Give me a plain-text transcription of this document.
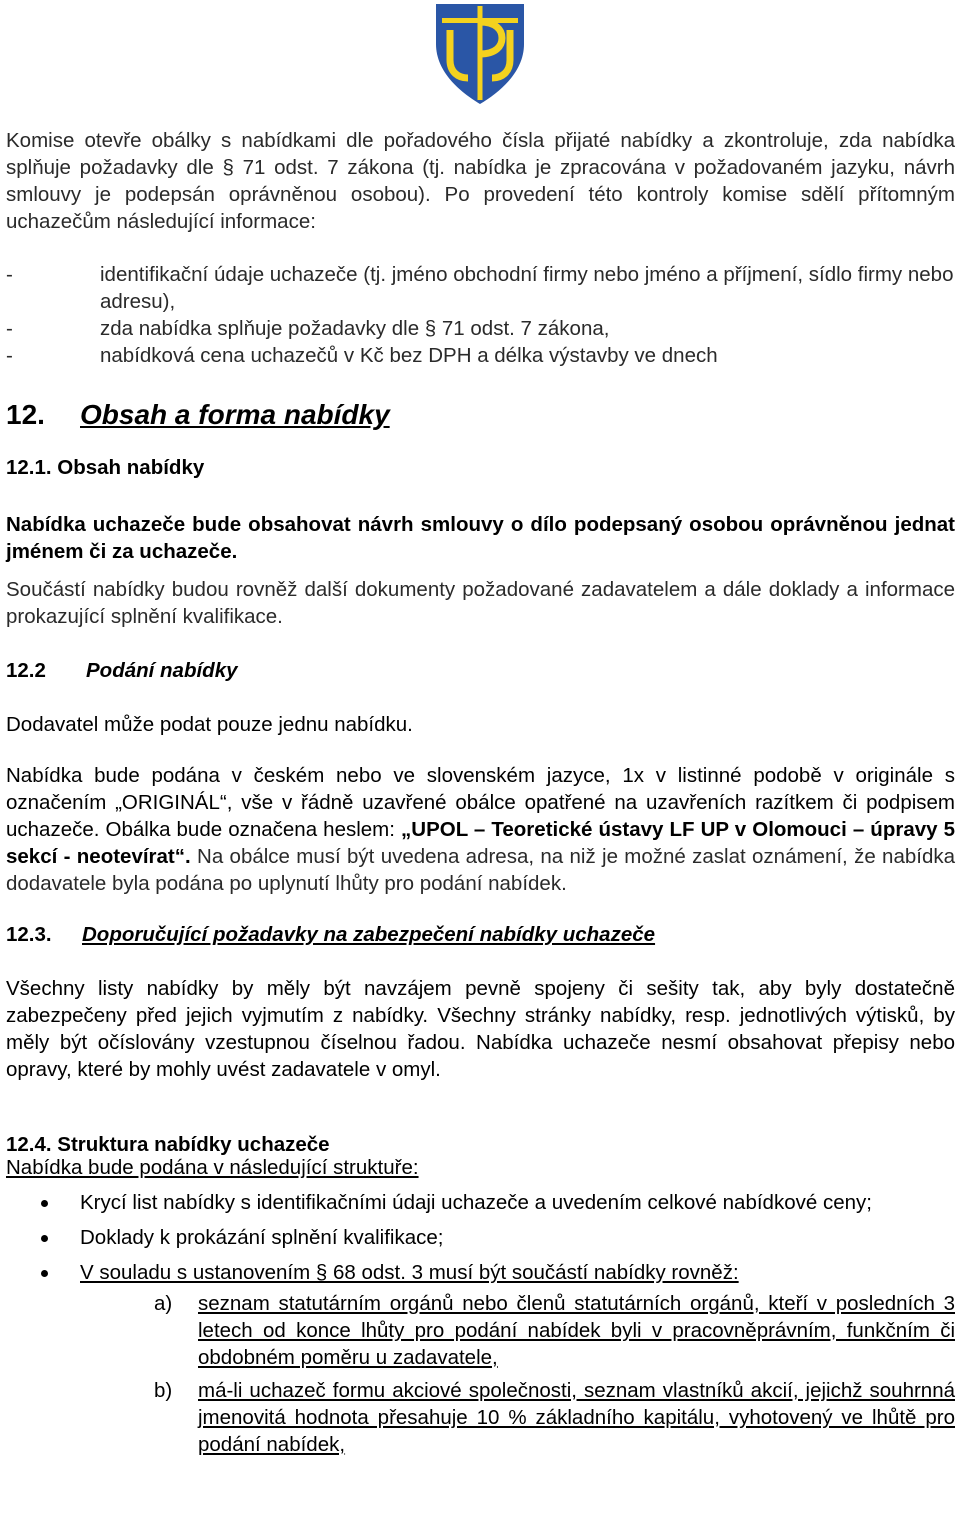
Komise otevře obálky s nabídkami dle pořadového čísla přijaté nabídky a zkontroluje, zda nabídka splňuje požadavky dle § 71 odst. 7 zákona (tj. nabídka je zpracována v požadovaném jazyku, návrh smlouvy je podepsán oprávněnou osobou). Po provedení této kontroly komise sdělí přítomným uchazečům následující informace:

-	identifikační údaje uchazeče (tj. jméno obchodní firmy nebo jméno a příjmení, sídlo firmy nebo adresu),
-	zda nabídka splňuje požadavky dle § 71 odst. 7 zákona,
-	nabídková cena uchazečů v Kč bez DPH a délka výstavby ve dnech
12. Obsah a forma nabídky

12.1. Obsah nabídky

Nabídka uchazeče bude obsahovat návrh smlouvy o dílo podepsaný osobou oprávněnou jednat jménem či za uchazeče.

Součástí nabídky budou rovněž další dokumenty požadované zadavatelem a dále doklady a informace prokazující splnění kvalifikace.

12.2 Podání nabídky

Dodavatel může podat pouze jednu nabídku.

Nabídka bude podána v českém nebo ve slovenském jazyce, 1x v listinné podobě v originále s označením „ORIGINÁL“, vše v řádně uzavřené obálce opatřené na uzavřeních razítkem či podpisem uchazeče. Obálka bude označena heslem: „UPOL – Teoretické ústavy LF UP v Olomouci – úpravy 5 sekcí - neotevírat“. Na obálce musí být uvedena adresa, na niž je možné zaslat oznámení, že nabídka dodavatele byla podána po uplynutí lhůty pro podání nabídek.

12.3. Doporučující požadavky na zabezpečení nabídky uchazeče

Všechny listy nabídky by měly být navzájem pevně spojeny či sešity tak, aby byly dostatečně zabezpečeny před jejich vyjmutím z nabídky. Všechny stránky nabídky, resp. jednotlivých výtisků, by měly být očíslovány vzestupnou číselnou řadou. Nabídka uchazeče nesmí obsahovat přepisy nebo opravy, které by mohly uvést zadavatele v omyl.

12.4. Struktura nabídky uchazeče

Nabídka bude podána v následující struktuře:

Krycí list nabídky s identifikačními údaji uchazeče a uvedením celkové nabídkové ceny;
Doklady k prokázání splnění kvalifikace;
V souladu s ustanovením § 68 odst. 3 musí být součástí nabídky rovněž:
a) seznam statutárním orgánů nebo členů statutárních orgánů, kteří v posledních 3 letech od konce lhůty pro podání nabídek byli v pracovněprávním, funkčním či obdobném poměru u zadavatele,
b) má-li uchazeč formu akciové společnosti, seznam vlastníků akcií, jejichž souhrnná jmenovitá hodnota přesahuje 10 % základního kapitálu, vyhotovený ve lhůtě pro podání nabídek,
